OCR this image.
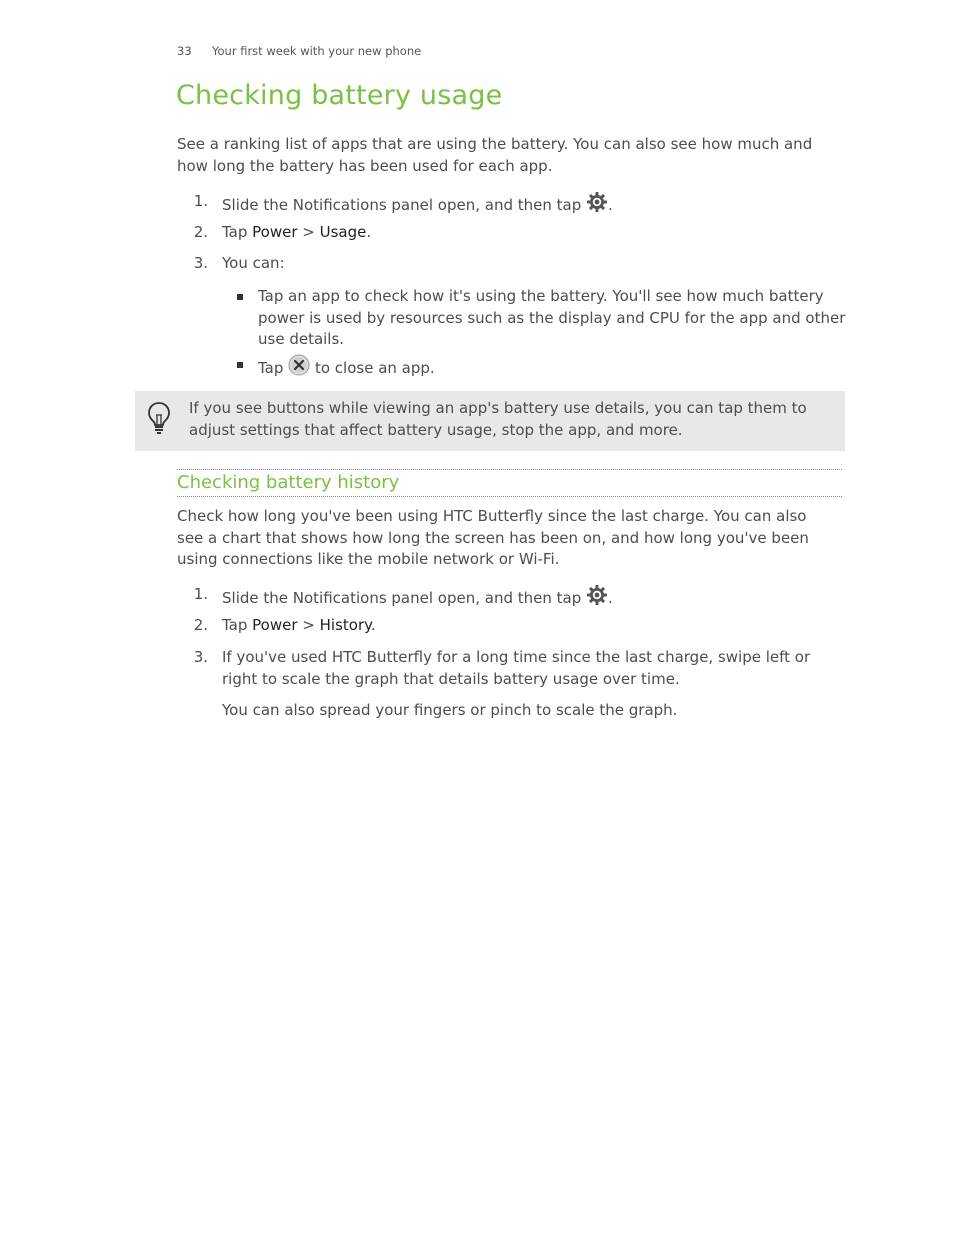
33 Your first week with your new phone
Checking battery usage

See a ranking list of apps that are using the battery. You can also see how much and how long the battery has been used for each app.

1. Slide the Notifications panel open, and then tap .

2. Tap Power > Usage.

3. You can:

Tap an app to check how it's using the battery. You'll see how much battery power is used by resources such as the display and CPU for the app and other use details.

Tap to close an app.

If you see buttons while viewing an app's battery use details, you can tap them to adjust settings that affect battery usage, stop the app, and more.

Checking battery history

Check how long you've been using HTC Butterfly since the last charge. You can also see a chart that shows how long the screen has been on, and how long you've been using connections like the mobile network or Wi-Fi.

1. Slide the Notifications panel open, and then tap .

2. Tap Power > History.

3. If you've used HTC Butterfly for a long time since the last charge, swipe left or right to scale the graph that details battery usage over time.

You can also spread your fingers or pinch to scale the graph.
